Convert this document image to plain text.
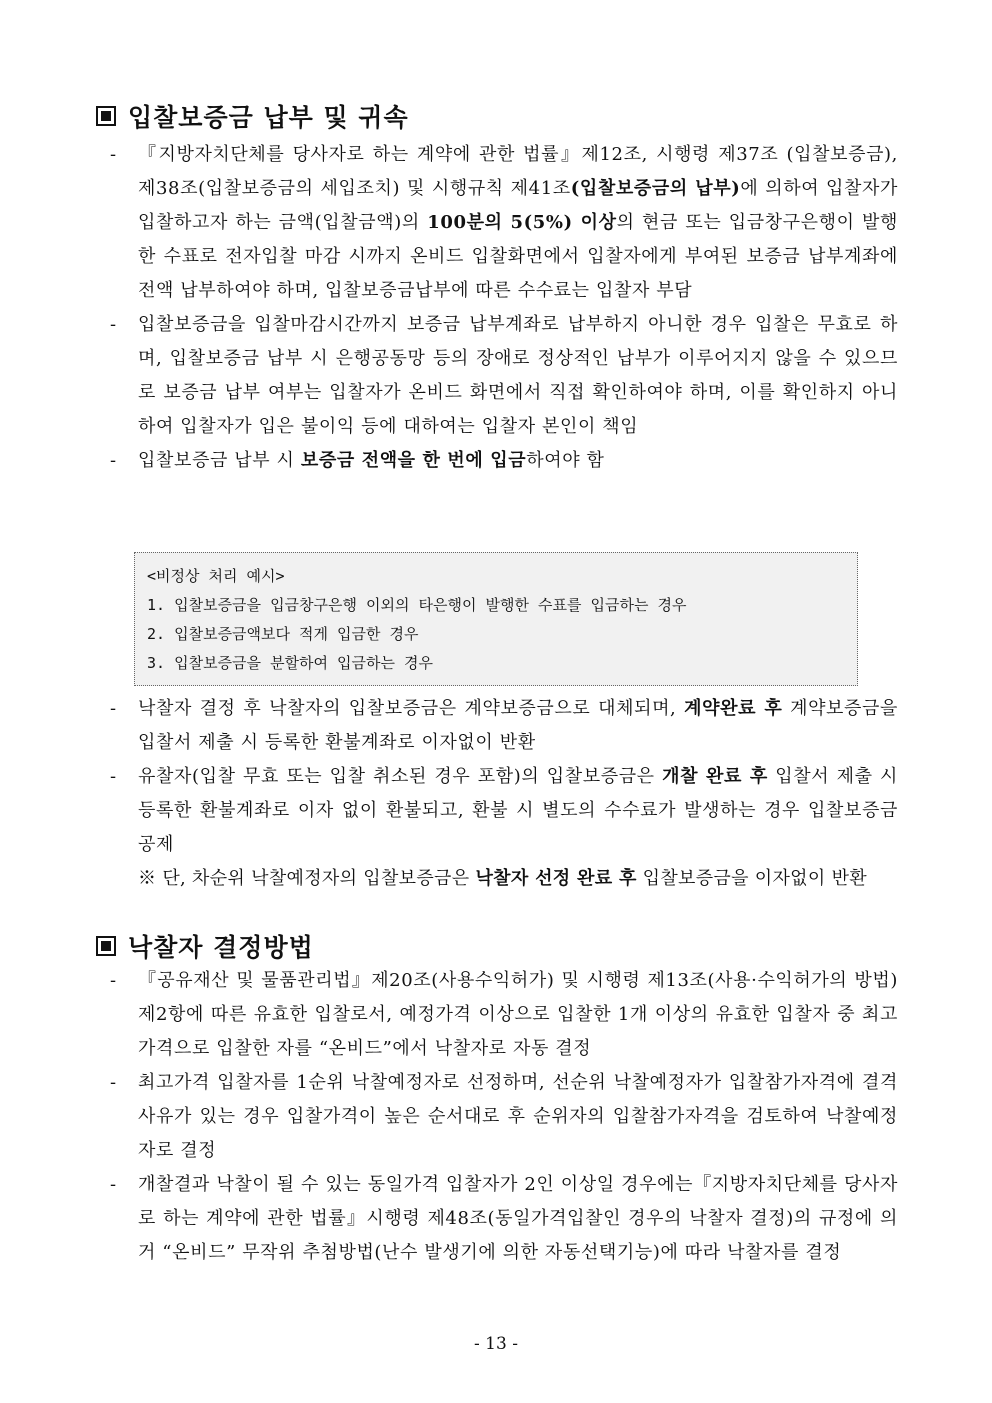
입찰보증금 납부 및 귀속
-	『지방자치단체를 당사자로 하는 계약에 관한 법률』제12조, 시행령 제37조 (입찰보증금), 제38조(입찰보증금의 세입조치) 및 시행규칙 제41조(입찰보증금의 납부)에 의하여 입찰자가 입찰하고자 하는 금액(입찰금액)의 100분의 5(5%) 이상의 현금 또는 입금창구은행이 발행한 수표로 전자입찰 마감 시까지 온비드 입찰화면에서 입찰자에게 부여된 보증금 납부계좌에 전액 납부하여야 하며, 입찰보증금납부에 따른 수수료는 입찰자 부담
-	입찰보증금을 입찰마감시간까지 보증금 납부계좌로 납부하지 아니한 경우 입찰은 무효로 하며, 입찰보증금 납부 시 은행공동망 등의 장애로 정상적인 납부가 이루어지지 않을 수 있으므로 보증금 납부 여부는 입찰자가 온비드 화면에서 직접 확인하여야 하며, 이를 확인하지 아니하여 입찰자가 입은 불이익 등에 대하여는 입찰자 본인이 책임
-	입찰보증금 납부 시 보증금 전액을 한 번에 입금하여야 함
<비정상 처리 예시>
1. 입찰보증금을 입금창구은행 이외의 타은행이 발행한 수표를 입금하는 경우
2. 입찰보증금액보다 적게 입금한 경우
3. 입찰보증금을 분할하여 입금하는 경우
-	낙찰자 결정 후 낙찰자의 입찰보증금은 계약보증금으로 대체되며, 계약완료 후 계약보증금을 입찰서 제출 시 등록한 환불계좌로 이자없이 반환
-	유찰자(입찰 무효 또는 입찰 취소된 경우 포함)의 입찰보증금은 개찰 완료 후 입찰서 제출 시 등록한 환불계좌로 이자 없이 환불되고, 환불 시 별도의 수수료가 발생하는 경우 입찰보증금 공제
※ 단, 차순위 낙찰예정자의 입찰보증금은 낙찰자 선정 완료 후 입찰보증금을 이자없이 반환
낙찰자 결정방법
-	『공유재산 및 물품관리법』제20조(사용수익허가) 및 시행령 제13조(사용·수익허가의 방법) 제2항에 따른 유효한 입찰로서, 예정가격 이상으로 입찰한 1개 이상의 유효한 입찰자 중 최고가격으로 입찰한 자를 “온비드”에서 낙찰자로 자동 결정
-	최고가격 입찰자를 1순위 낙찰예정자로 선정하며, 선순위 낙찰예정자가 입찰참가자격에 결격사유가 있는 경우 입찰가격이 높은 순서대로 후 순위자의 입찰참가자격을 검토하여 낙찰예정자로 결정
-	개찰결과 낙찰이 될 수 있는 동일가격 입찰자가 2인 이상일 경우에는『지방자치단체를 당사자로 하는 계약에 관한 법률』시행령 제48조(동일가격입찰인 경우의 낙찰자 결정)의 규정에 의거 “온비드” 무작위 추첨방법(난수 발생기에 의한 자동선택기능)에 따라 낙찰자를 결정
- 13 -
